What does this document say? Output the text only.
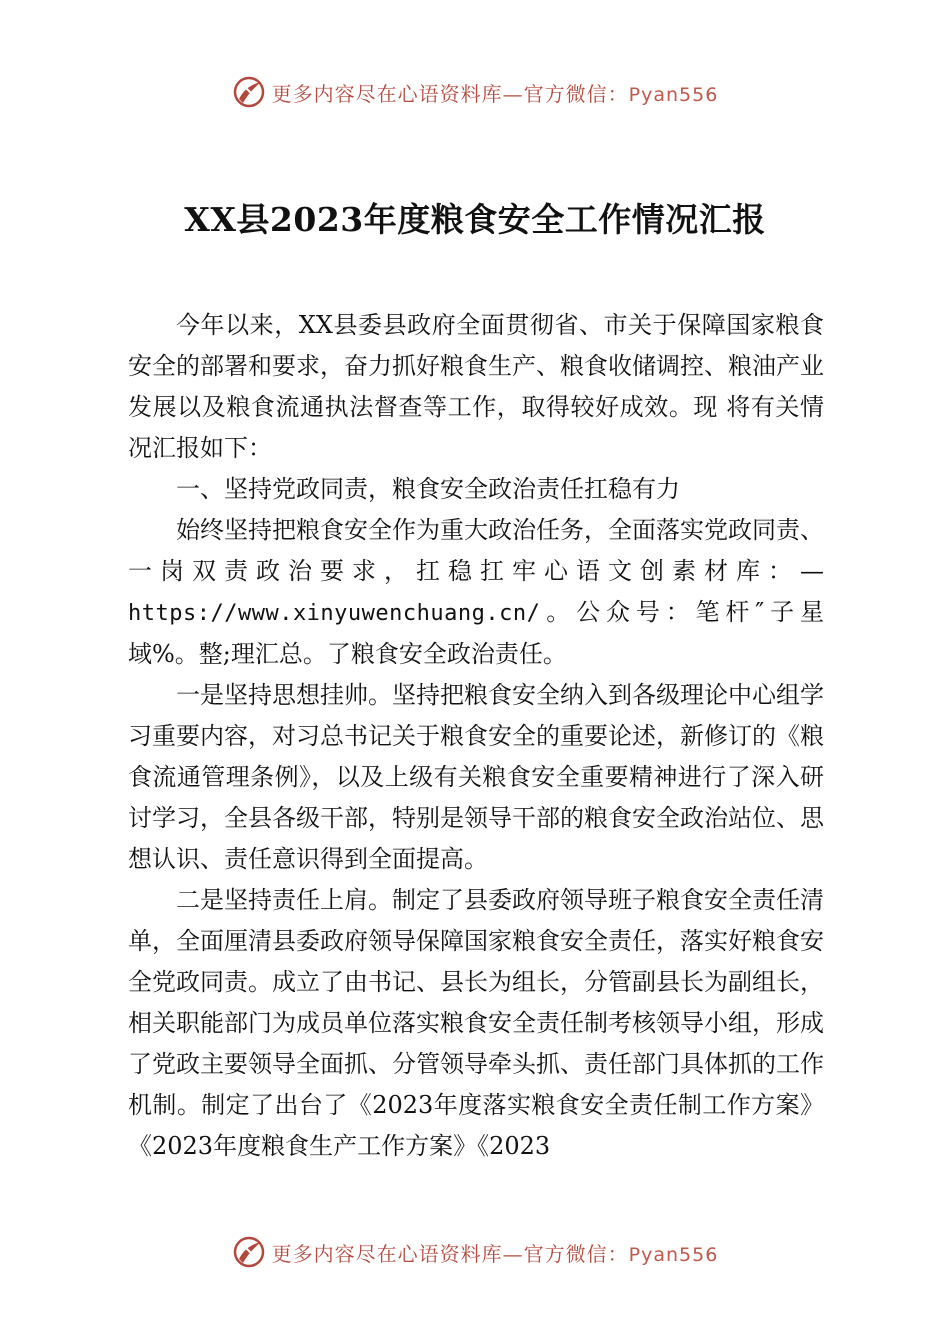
更多内容尽在心语资料库—官方微信：Pyan556
XX县2023年度粮食安全工作情况汇报

今年以来，XX县委县政府全面贯彻省、市关于保障国家粮食安全的部署和要求，奋力抓好粮食生产、粮食收储调控、粮油产业发展以及粮食流通执法督查等工作，取得较好成效。现 将有关情况汇报如下：

一、坚持党政同责，粮食安全政治责任扛稳有力

始终坚持把粮食安全作为重大政治任务，全面落实党政同责、一岗双责政治要求，扛稳扛牢心语文创素材库：—https://www.xinyuwenchuang.cn/。公众号：笔杆″子星域%。整;理汇总。了粮食安全政治责任。

一是坚持思想挂帅。坚持把粮食安全纳入到各级理论中心组学习重要内容，对习总书记关于粮食安全的重要论述，新修订的《粮食流通管理条例》，以及上级有关粮食安全重要精神进行了深入研讨学习，全县各级干部，特别是领导干部的粮食安全政治站位、思想认识、责任意识得到全面提高。

二是坚持责任上肩。制定了县委政府领导班子粮食安全责任清单，全面厘清县委政府领导保障国家粮食安全责任，落实好粮食安全党政同责。成立了由书记、县长为组长，分管副县长为副组长，相关职能部门为成员单位落实粮食安全责任制考核领导小组，形成了党政主要领导全面抓、分管领导牵头抓、责任部门具体抓的工作机制。制定了出台了《2023年度落实粮食安全责任制工作方案》《2023年度粮食生产工作方案》《2023

更多内容尽在心语资料库—官方微信：Pyan556
